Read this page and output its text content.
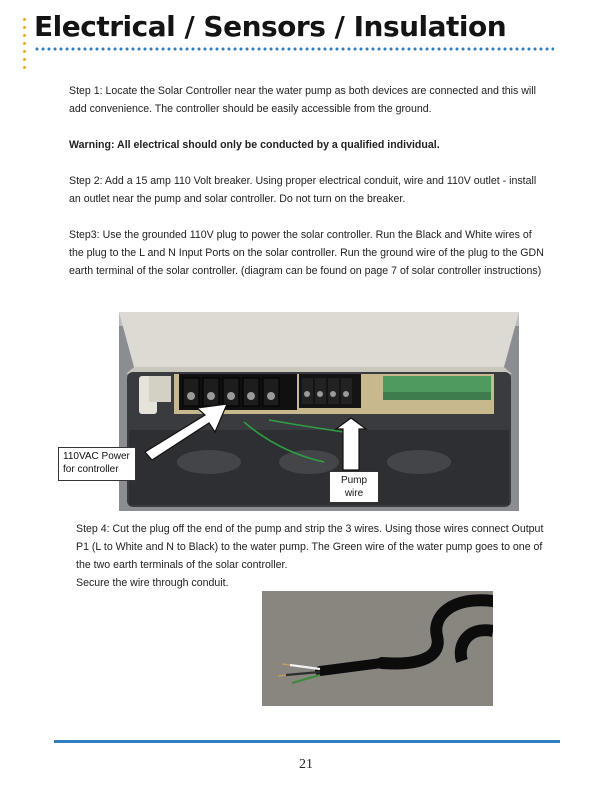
Electrical / Sensors / Insulation

Step 1: Locate the Solar Controller near the water pump as both devices are connected and this will add convenience. The controller should be easily accessible from the ground.

Warning: All electrical should only be conducted by a qualified individual.

Step 2: Add a 15 amp 110 Volt breaker. Using proper electrical conduit, wire and 110V outlet - install an outlet near the pump and solar controller. Do not turn on the breaker.

Step3: Use the grounded 110V plug to power the solar controller. Run the Black and White wires of the plug to the L and N Input Ports on the solar controller. Run the ground wire of the plug to the GDN earth terminal of the solar controller. (diagram can be found on page 7 of solar controller instructions)

110VAC Power for controller
Pump
wire

Step 4: Cut the plug off the end of the pump and strip the 3 wires. Using those wires connect Output P1 (L to White and N to Black) to the water pump. The Green wire of the water pump goes to one of the two earth terminals of the solar controller.

Secure the wire through conduit.

21
